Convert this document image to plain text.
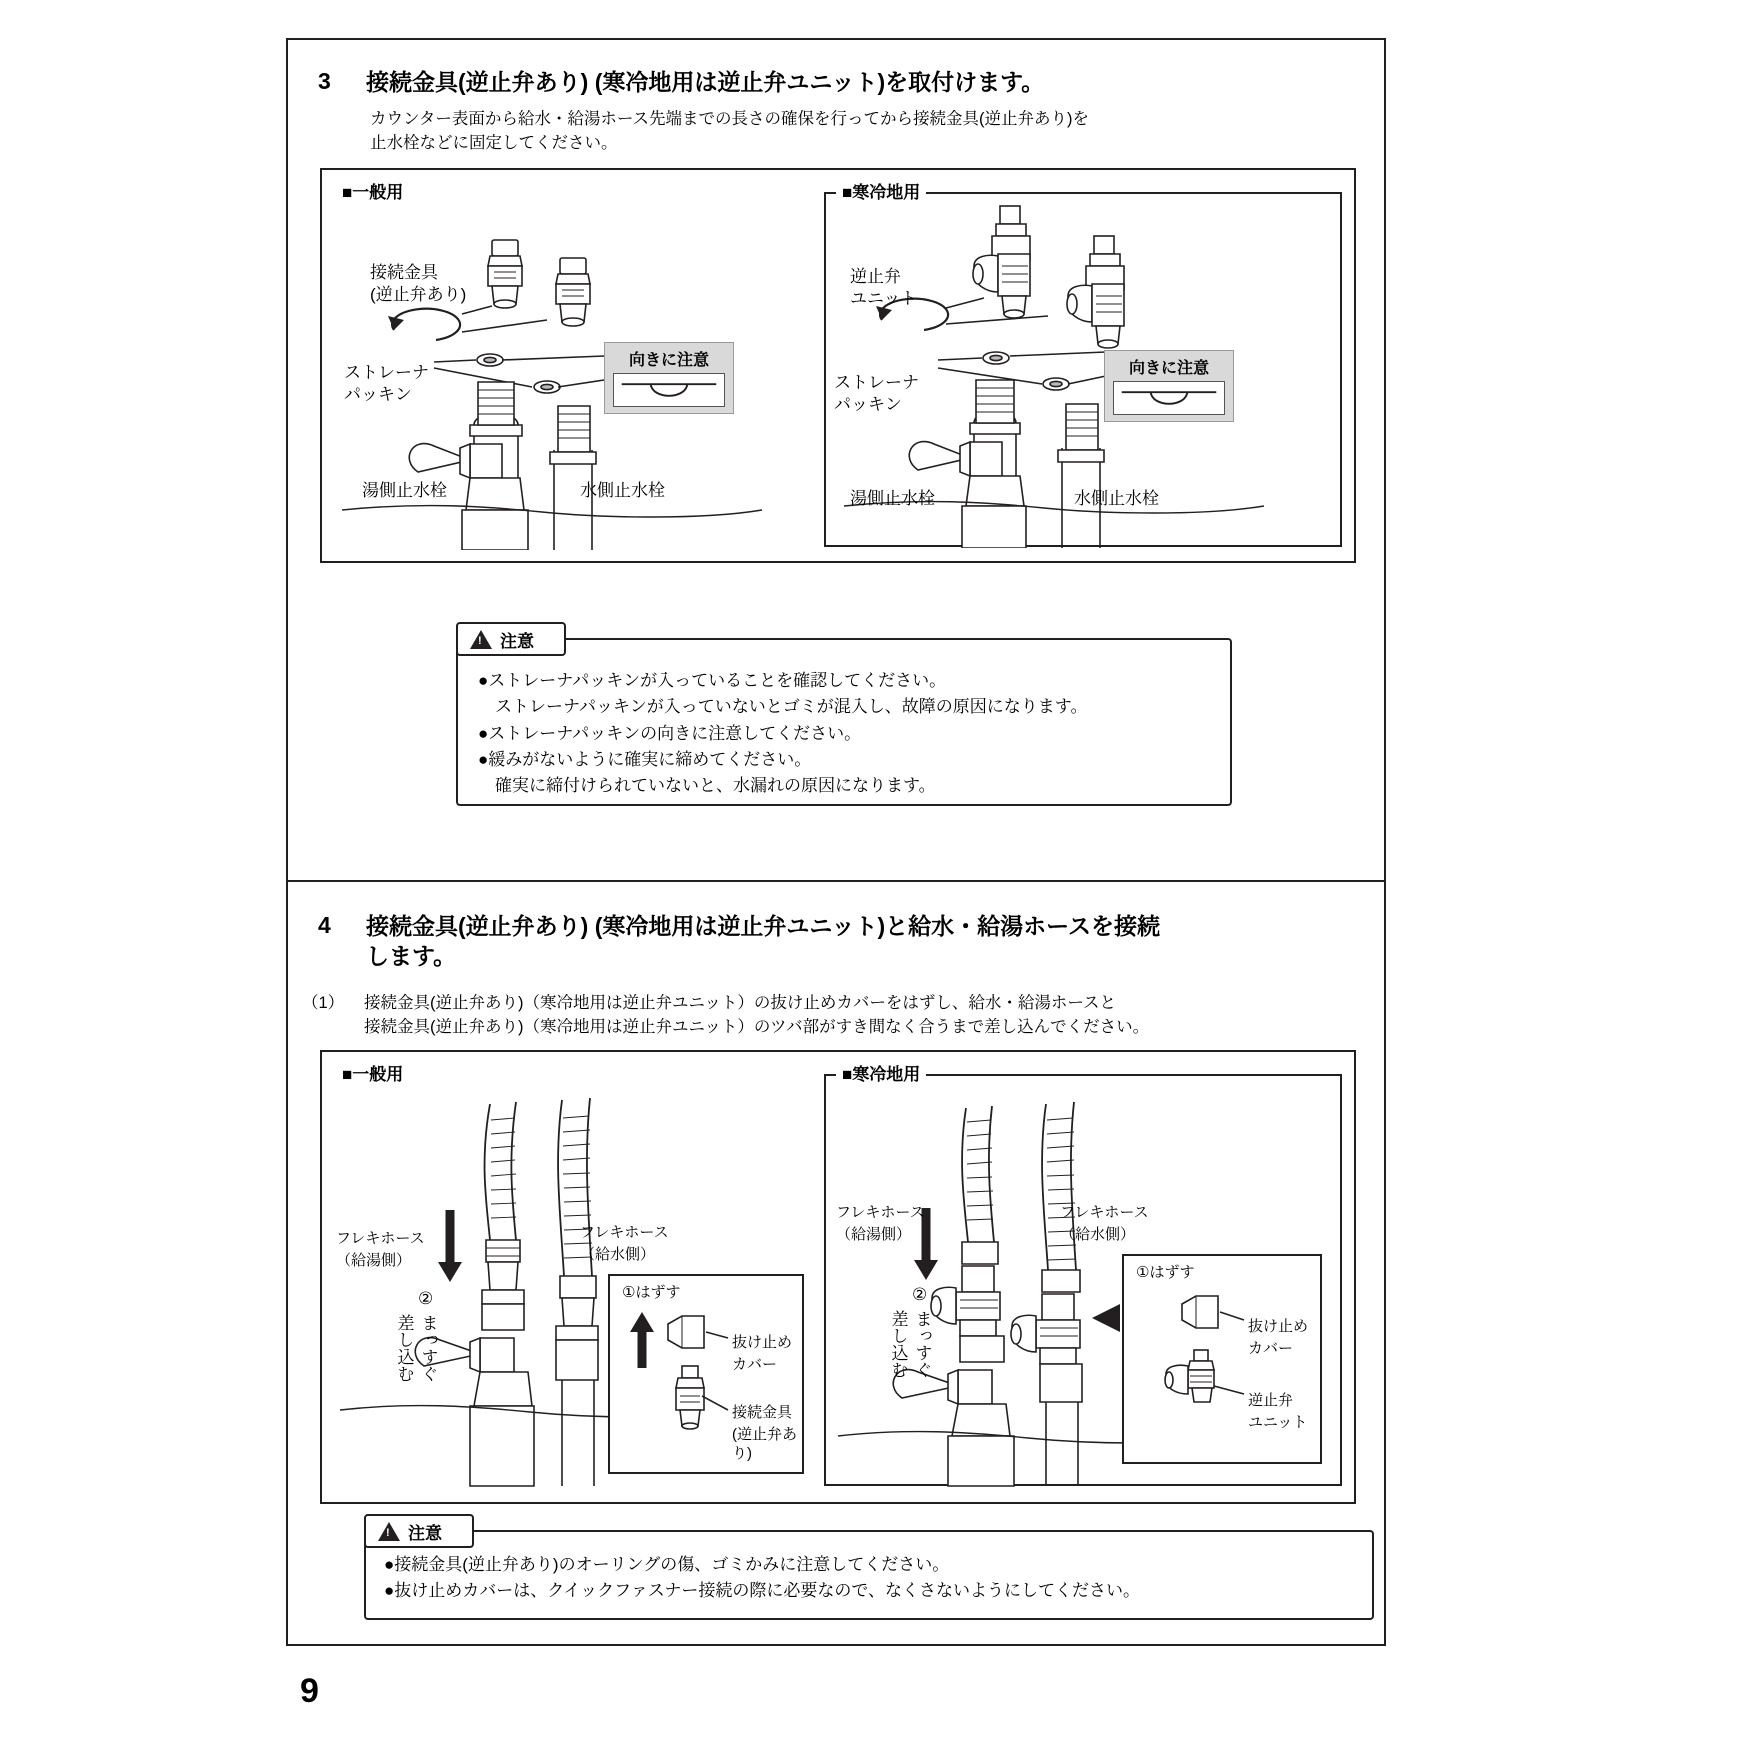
3 接続金具(逆止弁あり) (寒冷地用は逆止弁ユニット)を取付けます。
カウンター表面から給水・給湯ホース先端までの長さの確保を行ってから接続金具(逆止弁あり)を
止水栓などに固定してください。
■一般用	■寒冷地用
接続金具
(逆止弁あり)
ストレーナ
パッキン
湯側止水栓	水側止水栓
向きに注意
逆止弁
ユニット
ストレーナ
パッキン
湯側止水栓	水側止水栓
向きに注意
!
注意
●ストレーナパッキンが入っていることを確認してください。
　ストレーナパッキンが入っていないとゴミが混入し、故障の原因になります。
●ストレーナパッキンの向きに注意してください。
●緩みがないように確実に締めてください。
　確実に締付けられていないと、水漏れの原因になります。
4 接続金具(逆止弁あり) (寒冷地用は逆止弁ユニット)と給水・給湯ホースを接続
します。
（1） 接続金具(逆止弁あり)（寒冷地用は逆止弁ユニット）の抜け止めカバーをはずし、給水・給湯ホースと
接続金具(逆止弁あり)（寒冷地用は逆止弁ユニット）のツバ部がすき間なく合うまで差し込んでください。
■一般用	■寒冷地用
フレキホース
（給湯側）
フレキホース
（給水側）
②
まっすぐ
差し込む
①はずす
抜け止め
カバー
接続金具
(逆止弁あり)
フレキホース
（給湯側）
フレキホース
（給水側）
②
まっすぐ
差し込む
①はずす
抜け止め
カバー
逆止弁
ユニット
!
注意
●接続金具(逆止弁あり)のオーリングの傷、ゴミかみに注意してください。
●抜け止めカバーは、クイックファスナー接続の際に必要なので、なくさないようにしてください。
9
